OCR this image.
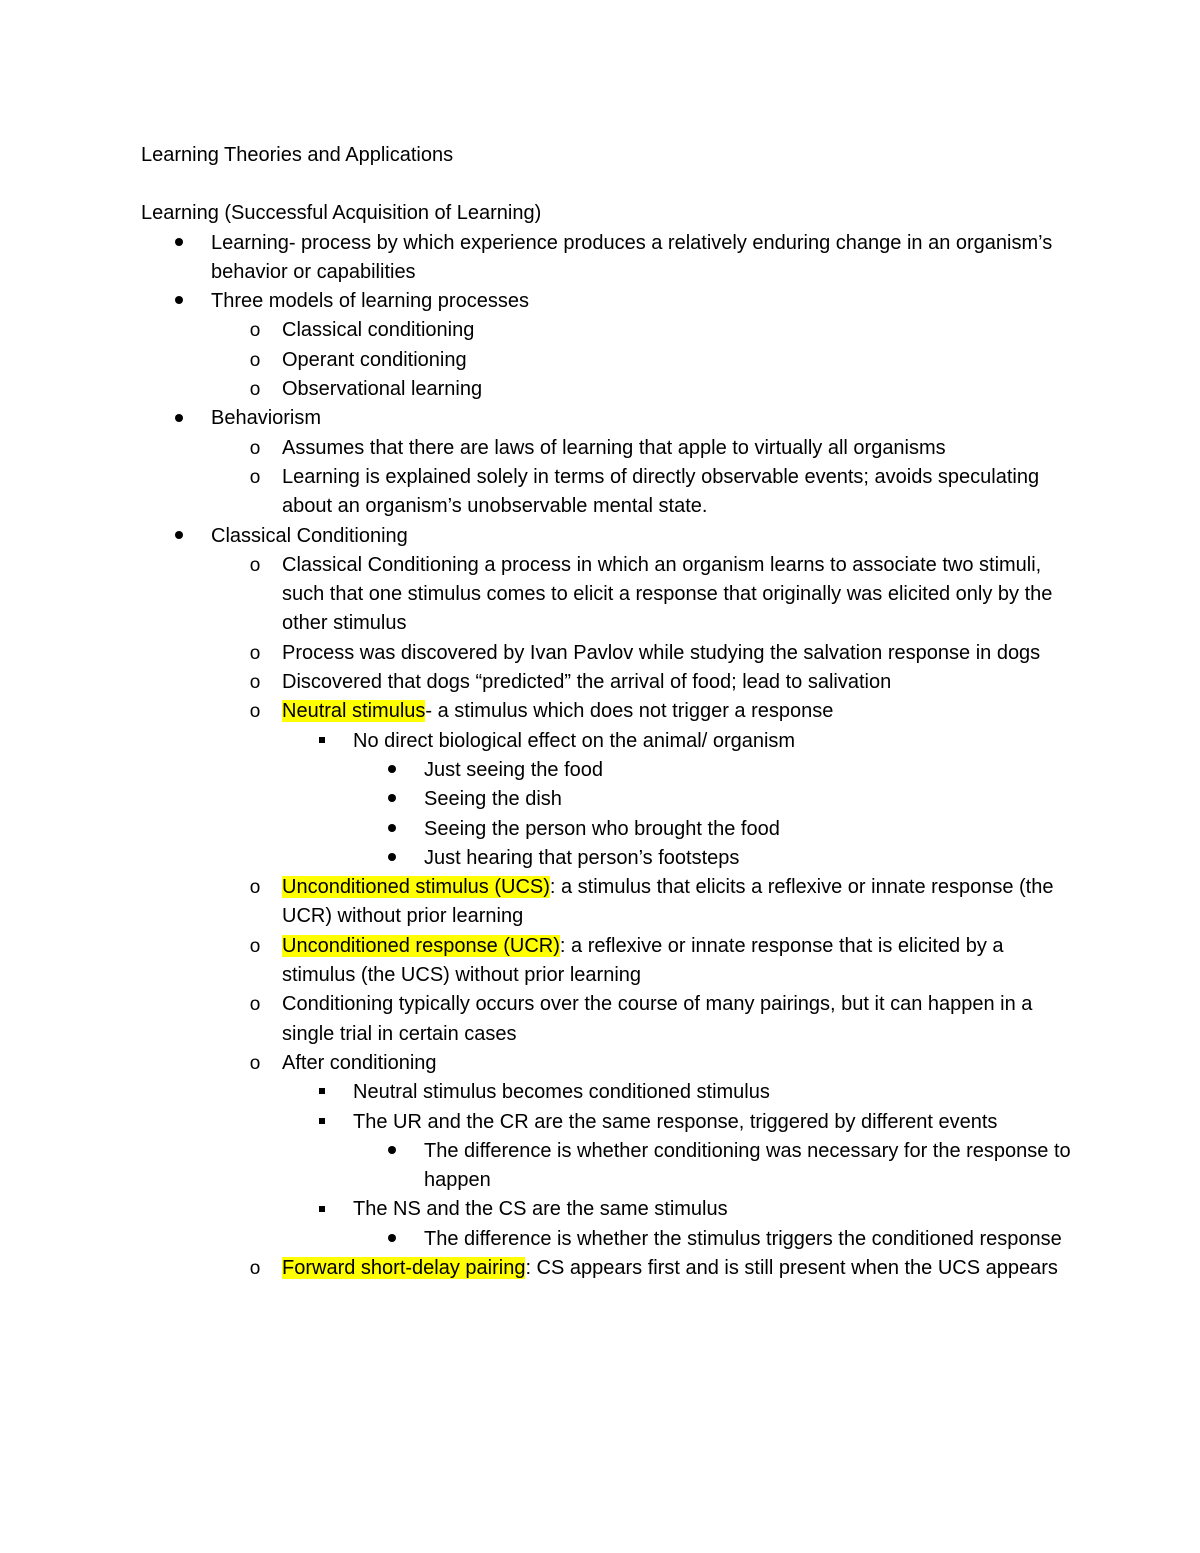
Learning Theories and Applications

Learning (Successful Acquisition of Learning)

Learning- process by which experience produces a relatively enduring change in an organism’s behavior or capabilities
Three models of learning processes
o Classical conditioning
o Operant conditioning
o Observational learning
Behaviorism
o Assumes that there are laws of learning that apple to virtually all organisms
o Learning is explained solely in terms of directly observable events; avoids speculating about an organism’s unobservable mental state.
Classical Conditioning
o Classical Conditioning a process in which an organism learns to associate two stimuli, such that one stimulus comes to elicit a response that originally was elicited only by the other stimulus
o Process was discovered by Ivan Pavlov while studying the salvation response in dogs
o Discovered that dogs “predicted” the arrival of food; lead to salivation
o Neutral stimulus- a stimulus which does not trigger a response
No direct biological effect on the animal/ organism
Just seeing the food
Seeing the dish
Seeing the person who brought the food
Just hearing that person’s footsteps
o Unconditioned stimulus (UCS): a stimulus that elicits a reflexive or innate response (the UCR) without prior learning
o Unconditioned response (UCR): a reflexive or innate response that is elicited by a stimulus (the UCS) without prior learning
o Conditioning typically occurs over the course of many pairings, but it can happen in a single trial in certain cases
o After conditioning
Neutral stimulus becomes conditioned stimulus
The UR and the CR are the same response, triggered by different events
The difference is whether conditioning was necessary for the response to happen
The NS and the CS are the same stimulus
The difference is whether the stimulus triggers the conditioned response
o Forward short-delay pairing: CS appears first and is still present when the UCS appears
